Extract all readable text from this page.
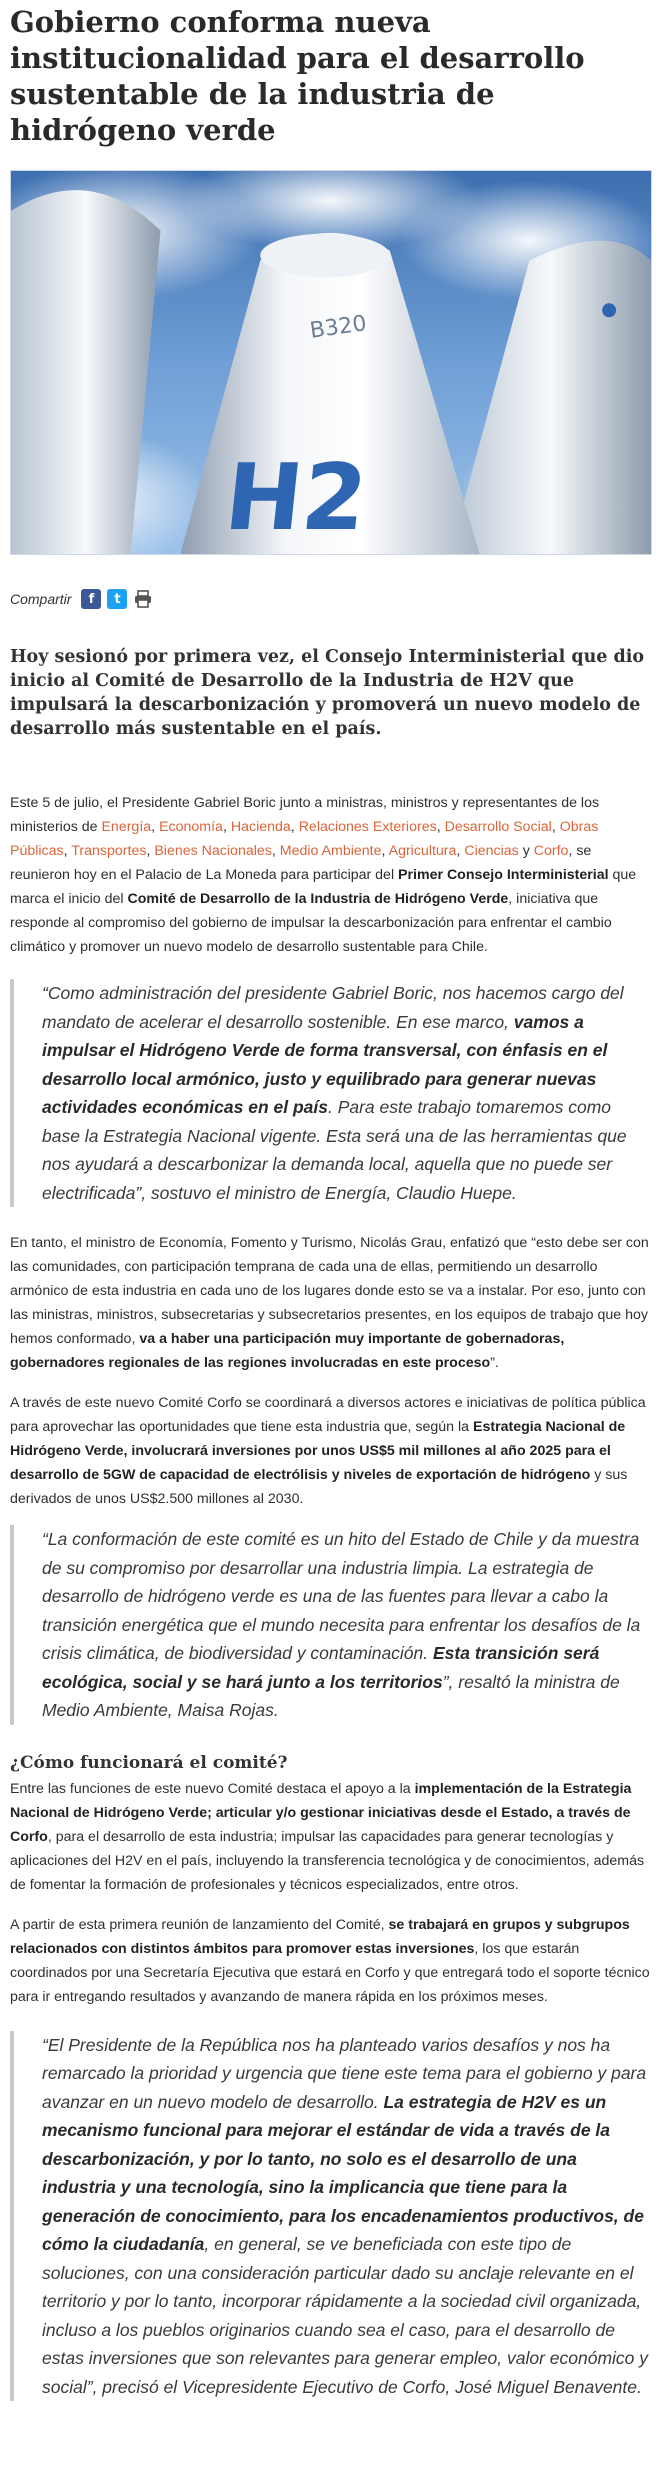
Gobierno conforma nueva institucionalidad para el desarrollo sustentable de la industria de hidrógeno verde
H2
B320
Compartir	f	t

Hoy sesionó por primera vez, el Consejo Interministerial que dio inicio al Comité de Desarrollo de la Industria de H2V que impulsará la descarbonización y promoverá un nuevo modelo de desarrollo más sustentable en el país.

Este 5 de julio, el Presidente Gabriel Boric junto a ministras, ministros y representantes de los ministerios de Energía, Economía, Hacienda, Relaciones Exteriores, Desarrollo Social, Obras Públicas, Transportes, Bienes Nacionales, Medio Ambiente, Agricultura, Ciencias y Corfo, se reunieron hoy en el Palacio de La Moneda para participar del Primer Consejo Interministerial que marca el inicio del Comité de Desarrollo de la Industria de Hidrógeno Verde, iniciativa que responde al compromiso del gobierno de impulsar la descarbonización para enfrentar el cambio climático y promover un nuevo modelo de desarrollo sustentable para Chile.

“Como administración del presidente Gabriel Boric, nos hacemos cargo del mandato de acelerar el desarrollo sostenible. En ese marco, vamos a impulsar el Hidrógeno Verde de forma transversal, con énfasis en el desarrollo local armónico, justo y equilibrado para generar nuevas actividades económicas en el país. Para este trabajo tomaremos como base la Estrategia Nacional vigente. Esta será una de las herramientas que nos ayudará a descarbonizar la demanda local, aquella que no puede ser electrificada”, sostuvo el ministro de Energía, Claudio Huepe.

En tanto, el ministro de Economía, Fomento y Turismo, Nicolás Grau, enfatizó que “esto debe ser con las comunidades, con participación temprana de cada una de ellas, permitiendo un desarrollo armónico de esta industria en cada uno de los lugares donde esto se va a instalar. Por eso, junto con las ministras, ministros, subsecretarias y subsecretarios presentes, en los equipos de trabajo que hoy hemos conformado, va a haber una participación muy importante de gobernadoras, gobernadores regionales de las regiones involucradas en este proceso”.

A través de este nuevo Comité Corfo se coordinará a diversos actores e iniciativas de política pública para aprovechar las oportunidades que tiene esta industria que, según la Estrategia Nacional de Hidrógeno Verde, involucrará inversiones por unos US$5 mil millones al año 2025 para el desarrollo de 5GW de capacidad de electrólisis y niveles de exportación de hidrógeno y sus derivados de unos US$2.500 millones al 2030.

“La conformación de este comité es un hito del Estado de Chile y da muestra de su compromiso por desarrollar una industria limpia. La estrategia de desarrollo de hidrógeno verde es una de las fuentes para llevar a cabo la transición energética que el mundo necesita para enfrentar los desafíos de la crisis climática, de biodiversidad y contaminación. Esta transición será ecológica, social y se hará junto a los territorios”, resaltó la ministra de Medio Ambiente, Maisa Rojas.
¿Cómo funcionará el comité?

Entre las funciones de este nuevo Comité destaca el apoyo a la implementación de la Estrategia Nacional de Hidrógeno Verde; articular y/o gestionar iniciativas desde el Estado, a través de Corfo, para el desarrollo de esta industria; impulsar las capacidades para generar tecnologías y aplicaciones del H2V en el país, incluyendo la transferencia tecnológica y de conocimientos, además de fomentar la formación de profesionales y técnicos especializados, entre otros.

A partir de esta primera reunión de lanzamiento del Comité, se trabajará en grupos y subgrupos relacionados con distintos ámbitos para promover estas inversiones, los que estarán coordinados por una Secretaría Ejecutiva que estará en Corfo y que entregará todo el soporte técnico para ir entregando resultados y avanzando de manera rápida en los próximos meses.

“El Presidente de la República nos ha planteado varios desafíos y nos ha remarcado la prioridad y urgencia que tiene este tema para el gobierno y para avanzar en un nuevo modelo de desarrollo. La estrategia de H2V es un mecanismo funcional para mejorar el estándar de vida a través de la descarbonización, y por lo tanto, no solo es el desarrollo de una industria y una tecnología, sino la implicancia que tiene para la generación de conocimiento, para los encadenamientos productivos, de cómo la ciudadanía, en general, se ve beneficiada con este tipo de soluciones, con una consideración particular dado su anclaje relevante en el territorio y por lo tanto, incorporar rápidamente a la sociedad civil organizada, incluso a los pueblos originarios cuando sea el caso, para el desarrollo de estas inversiones que son relevantes para generar empleo, valor económico y social”, precisó el Vicepresidente Ejecutivo de Corfo, José Miguel Benavente.
